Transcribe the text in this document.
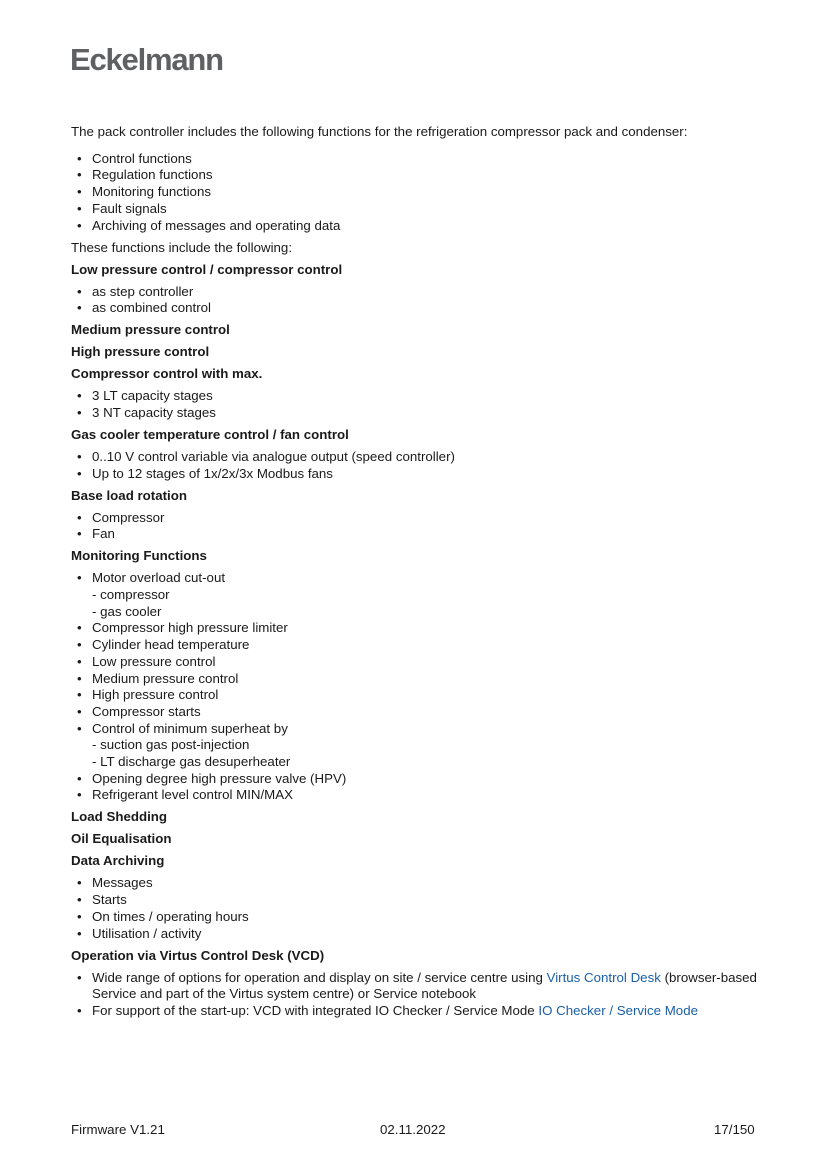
Eckelmann

The pack controller includes the following functions for the refrigeration compressor pack and condenser:

• Control functions
• Regulation functions
• Monitoring functions
• Fault signals
• Archiving of messages and operating data

These functions include the following:

Low pressure control / compressor control
• as step controller
• as combined control
Medium pressure control
High pressure control
Compressor control with max.
• 3 LT capacity stages
• 3 NT capacity stages
Gas cooler temperature control / fan control
• 0..10 V control variable via analogue output (speed controller)
• Up to 12 stages of 1x/2x/3x Modbus fans
Base load rotation
• Compressor
• Fan
Monitoring Functions
• Motor overload cut-out
- compressor
- gas cooler
• Compressor high pressure limiter
• Cylinder head temperature
• Low pressure control
• Medium pressure control
• High pressure control
• Compressor starts
• Control of minimum superheat by
- suction gas post-injection
- LT discharge gas desuperheater
• Opening degree high pressure valve (HPV)
• Refrigerant level control MIN/MAX
Load Shedding
Oil Equalisation
Data Archiving
• Messages
• Starts
• On times / operating hours
• Utilisation / activity
Operation via Virtus Control Desk (VCD)
• Wide range of options for operation and display on site / service centre using Virtus Control Desk (browser-based Service and part of the Virtus system centre) or Service notebook
• For support of the start-up: VCD with integrated IO Checker / Service Mode IO Checker / Service Mode
Firmware V1.21	02.11.2022	17/150
